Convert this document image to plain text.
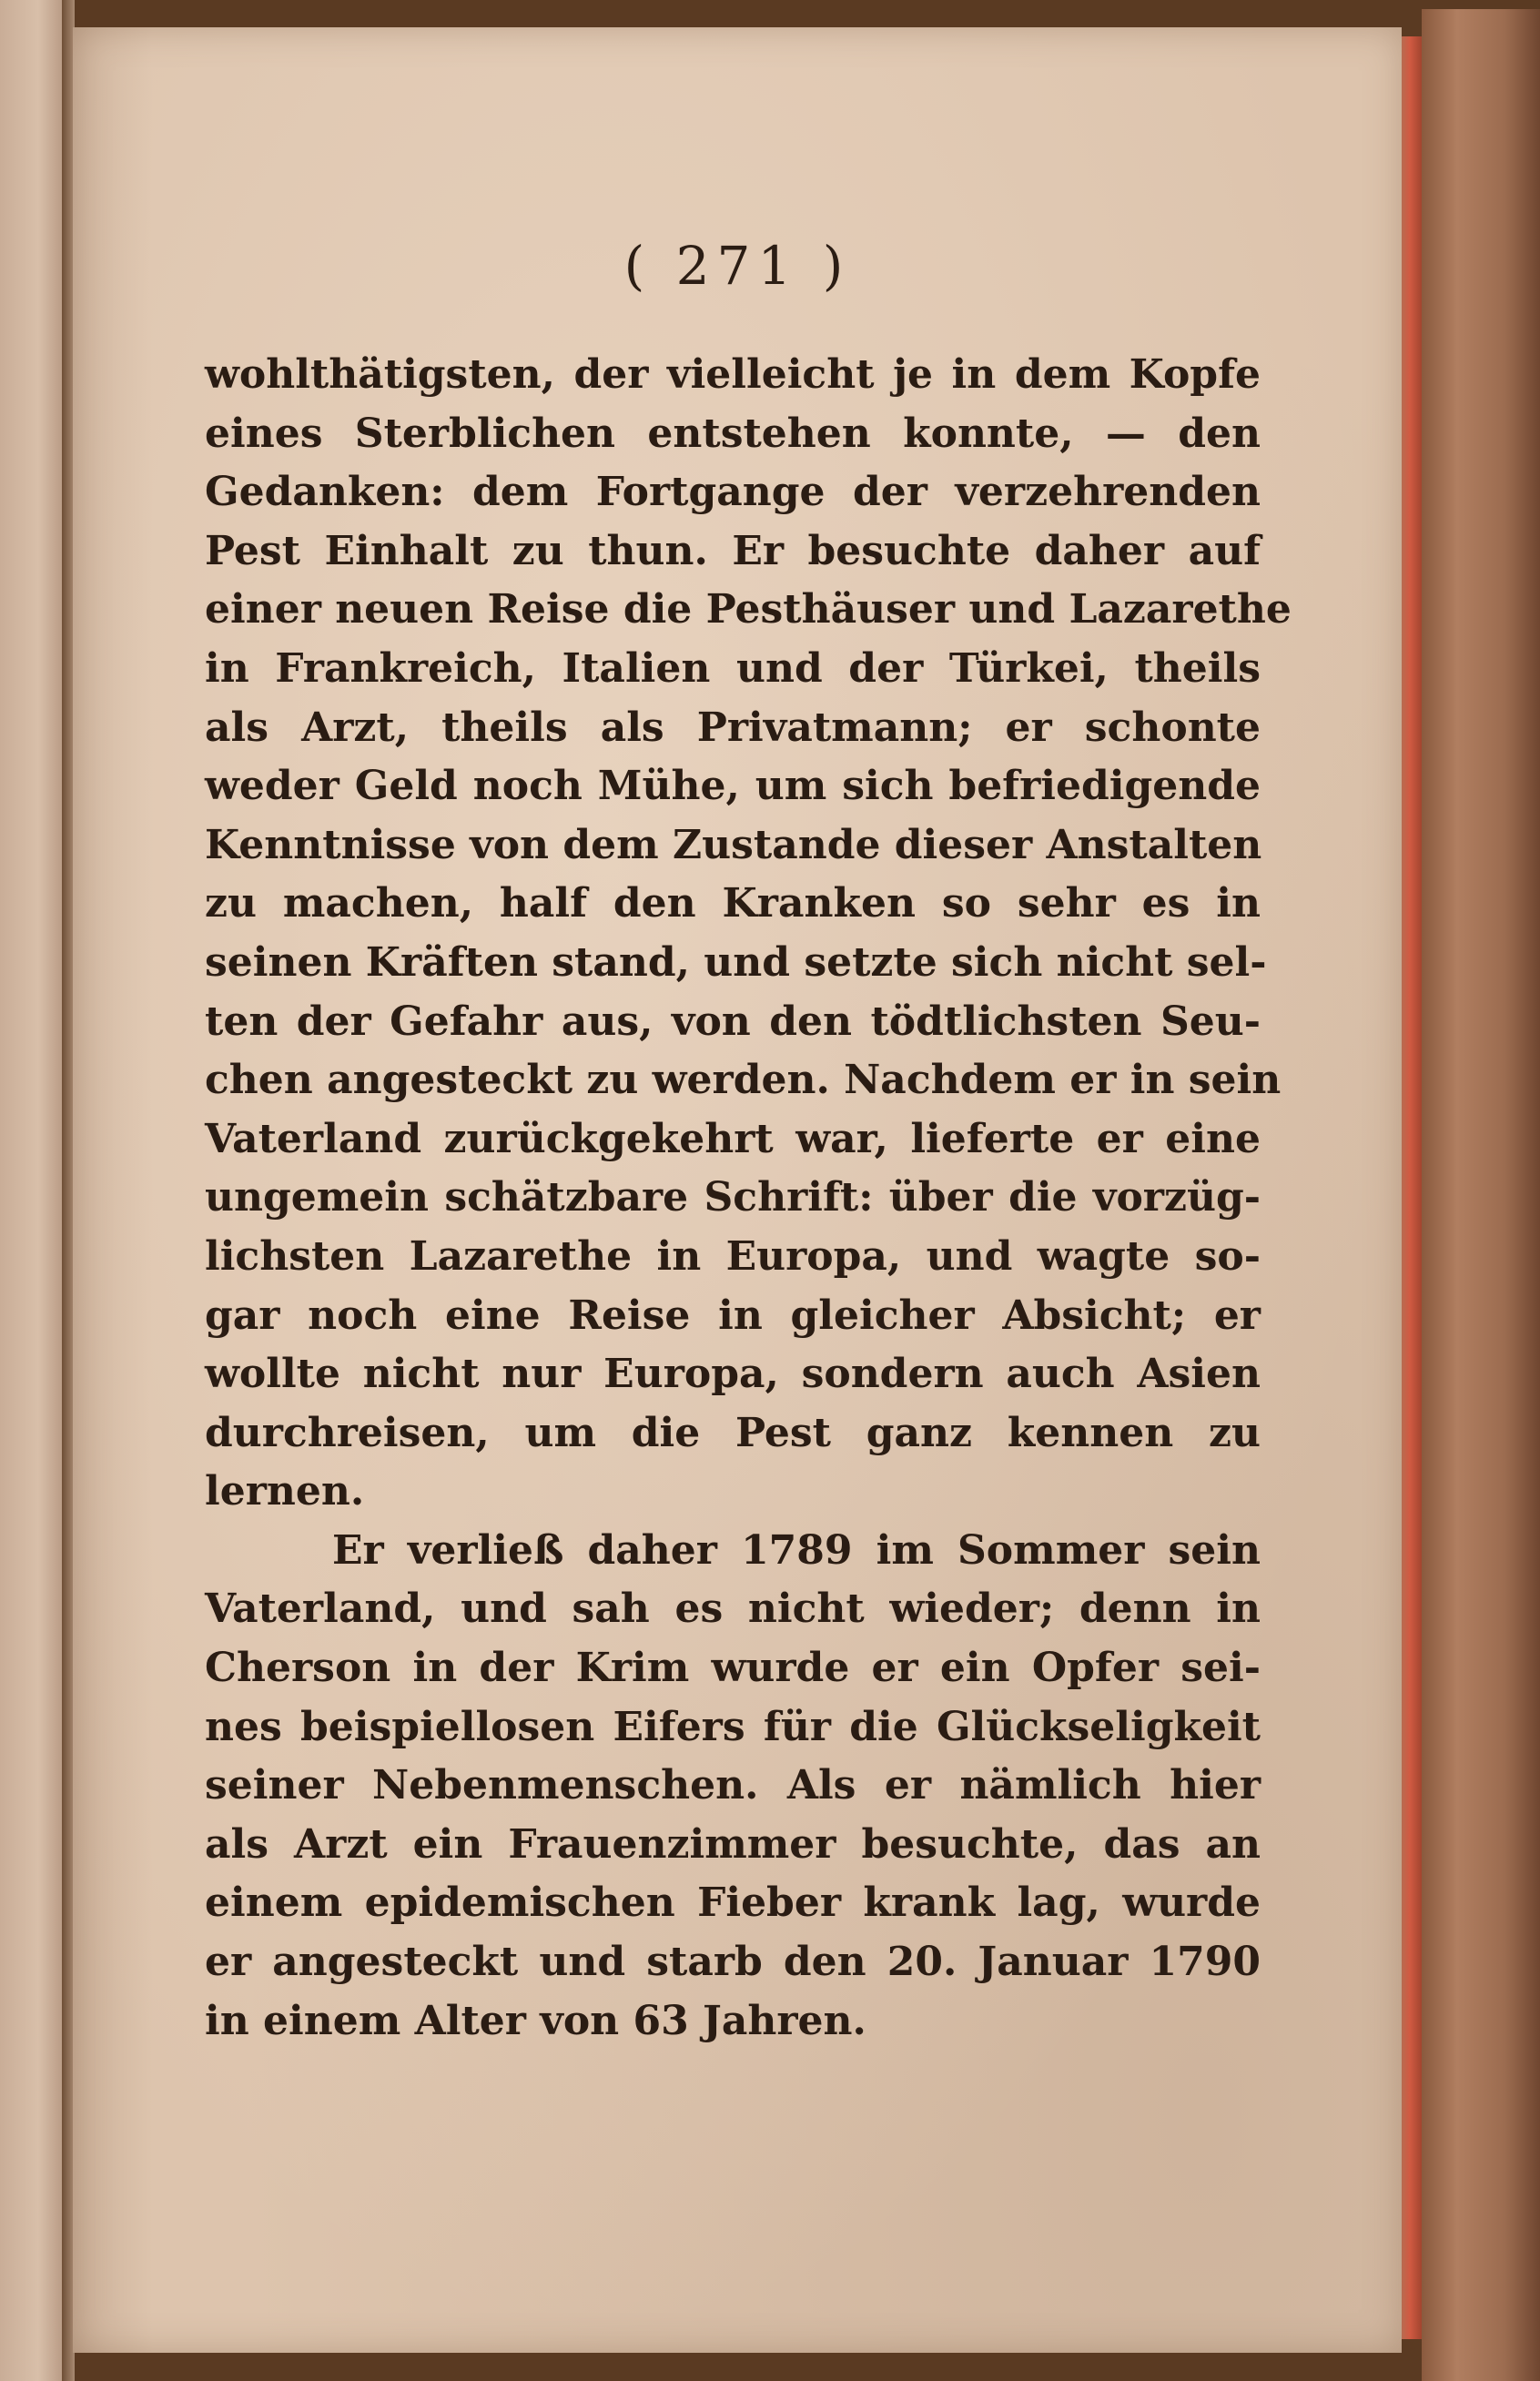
( 271 )
wohlthätigsten, der vielleicht je in dem Kopfe
eines Sterblichen entstehen konnte, — den
Gedanken: dem Fortgange der verzehrenden
Pest Einhalt zu thun. Er besuchte daher auf
einer neuen Reise die Pesthäuser und Lazarethe
in Frankreich, Italien und der Türkei, theils
als Arzt, theils als Privatmann; er schonte
weder Geld noch Mühe, um sich befriedigende
Kenntnisse von dem Zustande dieser Anstalten
zu machen, half den Kranken so sehr es in
seinen Kräften stand, und setzte sich nicht sel-
ten der Gefahr aus, von den tödtlichsten Seu-
chen angesteckt zu werden. Nachdem er in sein
Vaterland zurückgekehrt war, lieferte er eine
ungemein schätzbare Schrift: über die vorzüg-
lichsten Lazarethe in Europa, und wagte so-
gar noch eine Reise in gleicher Absicht; er
wollte nicht nur Europa, sondern auch Asien
durchreisen, um die Pest ganz kennen zu
lernen.
Er verließ daher 1789 im Sommer sein
Vaterland, und sah es nicht wieder; denn in
Cherson in der Krim wurde er ein Opfer sei-
nes beispiellosen Eifers für die Glückseligkeit
seiner Nebenmenschen. Als er nämlich hier
als Arzt ein Frauenzimmer besuchte, das an
einem epidemischen Fieber krank lag, wurde
er angesteckt und starb den 20. Januar 1790
in einem Alter von 63 Jahren.
